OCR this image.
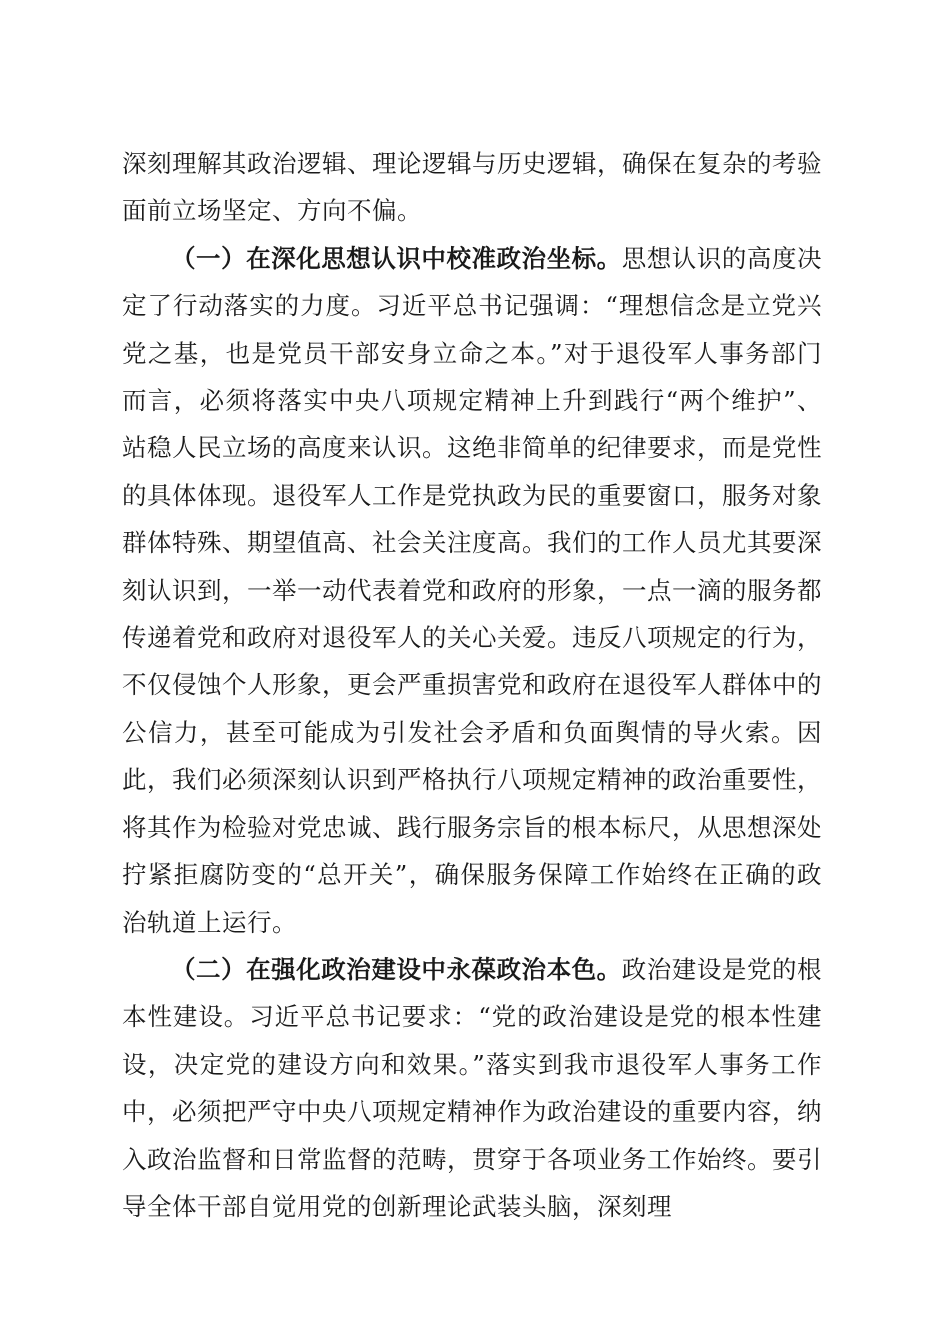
深刻理解其政治逻辑、理论逻辑与历史逻辑，确保在复杂的考验面前立场坚定、方向不偏。

（一）在深化思想认识中校准政治坐标。思想认识的高度决定了行动落实的力度。习近平总书记强调：“理想信念是立党兴党之基，也是党员干部安身立命之本。”对于退役军人事务部门而言，必须将落实中央八项规定精神上升到践行“两个维护”、站稳人民立场的高度来认识。这绝非简单的纪律要求，而是党性的具体体现。退役军人工作是党执政为民的重要窗口，服务对象群体特殊、期望值高、社会关注度高。我们的工作人员尤其要深刻认识到，一举一动代表着党和政府的形象，一点一滴的服务都传递着党和政府对退役军人的关心关爱。违反八项规定的行为，不仅侵蚀个人形象，更会严重损害党和政府在退役军人群体中的公信力，甚至可能成为引发社会矛盾和负面舆情的导火索。因此，我们必须深刻认识到严格执行八项规定精神的政治重要性，将其作为检验对党忠诚、践行服务宗旨的根本标尺，从思想深处拧紧拒腐防变的“总开关”，确保服务保障工作始终在正确的政治轨道上运行。

（二）在强化政治建设中永葆政治本色。政治建设是党的根本性建设。习近平总书记要求：“党的政治建设是党的根本性建设，决定党的建设方向和效果。”落实到我市退役军人事务工作中，必须把严守中央八项规定精神作为政治建设的重要内容，纳入政治监督和日常监督的范畴，贯穿于各项业务工作始终。要引导全体干部自觉用党的创新理论武装头脑，深刻理
